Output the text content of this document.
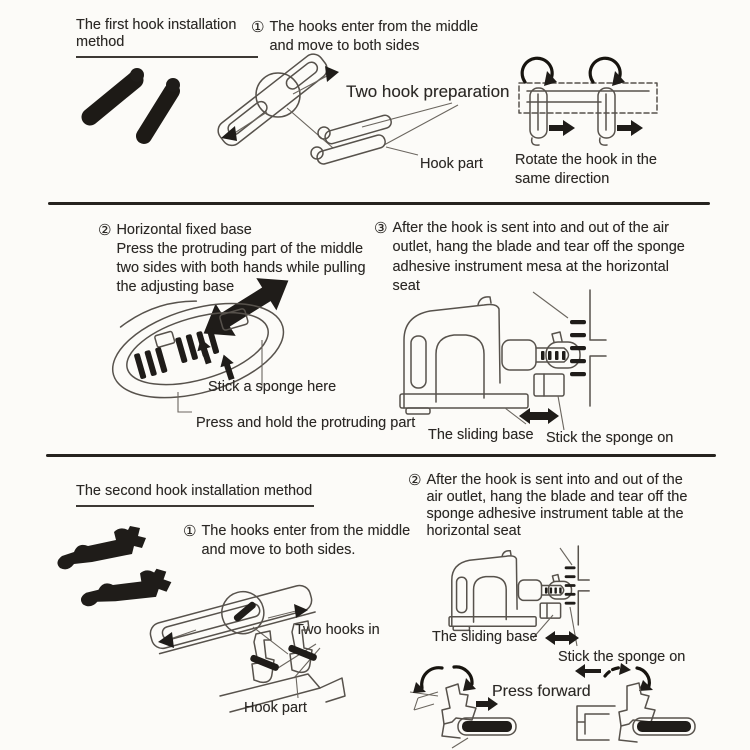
The first hook installation method
① The hooks enter from the middle and move to both sides
Two hook preparation
Hook part Rotate the hook in the same direction
② Horizontal fixed base
Press the protruding part of the middle two sides with both hands while pulling the adjusting base
Stick a sponge here
Press and hold the protruding part
③ After the hook is sent into and out of the air outlet, hang the blade and tear off the sponge adhesive instrument mesa at the horizontal seat
The sliding base Stick the sponge on
The second hook installation method
① The hooks enter from the middle and move to both sides.
Two hooks in
Hook part
② After the hook is sent into and out of the air outlet, hang the blade and tear off the sponge adhesive instrument table at the horizontal seat
The sliding base
Stick the sponge on
Press forward
